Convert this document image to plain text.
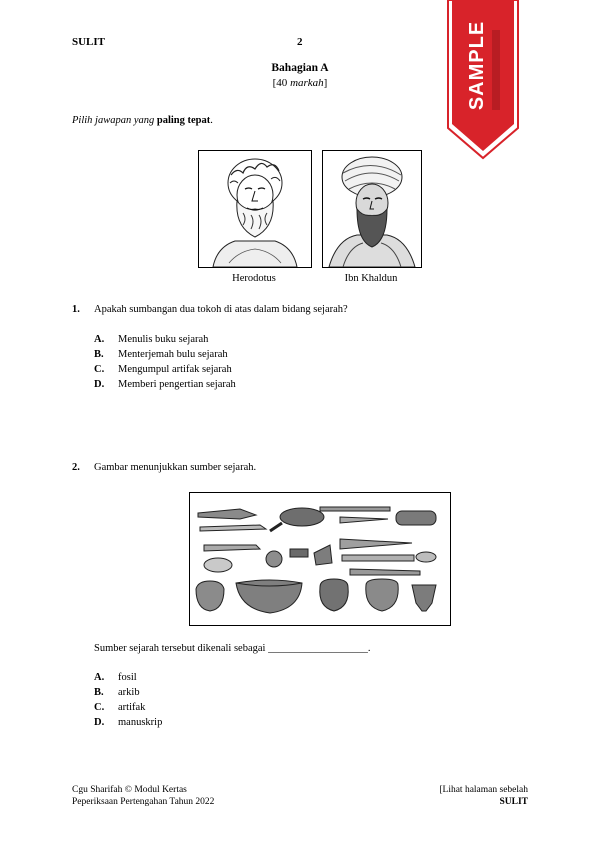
SULIT	2	SAMPLE
Bahagian A
[40 markah]
Pilih jawapan yang paling tepat.
Herodotus	Ibn Khaldun
1. Apakah sumbangan dua tokoh di atas dalam bidang sejarah?
A. Menulis buku sejarah
B. Menterjemah bulu sejarah
C. Mengumpul artifak sejarah
D. Memberi pengertian sejarah
2. Gambar menunjukkan sumber sejarah.
Sumber sejarah tersebut dikenali sebagai ___________________.
A. fosil
B. arkib
C. artifak
D. manuskrip
Cgu Sharifah © Modul Kertas
Peperiksaan Pertengahan Tahun 2022
[Lihat halaman sebelah
SULIT
